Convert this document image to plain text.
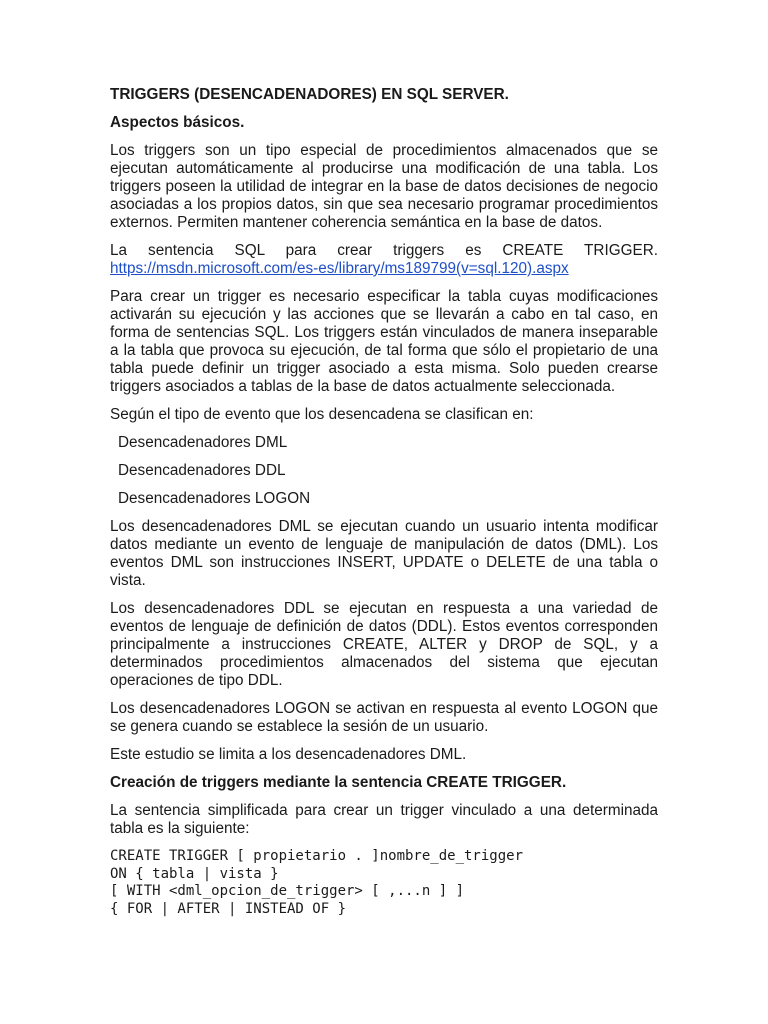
TRIGGERS (DESENCADENADORES) EN SQL SERVER.
Aspectos básicos.

Los triggers son un tipo especial de procedimientos almacenados que se ejecutan automáticamente al producirse una modificación de una tabla. Los triggers poseen la utilidad de integrar en la base de datos decisiones de negocio asociadas a los propios datos, sin que sea necesario programar procedimientos externos. Permiten mantener coherencia semántica en la base de datos.

La sentencia SQL para crear triggers es CREATE TRIGGER.
https://msdn.microsoft.com/es-es/library/ms189799(v=sql.120).aspx

Para crear un trigger es necesario especificar la tabla cuyas modificaciones activarán su ejecución y las acciones que se llevarán a cabo en tal caso, en forma de sentencias SQL. Los triggers están vinculados de manera inseparable a la tabla que provoca su ejecución, de tal forma que sólo el propietario de una tabla puede definir un trigger asociado a esta misma. Solo pueden crearse triggers asociados a tablas de la base de datos actualmente seleccionada.

Según el tipo de evento que los desencadena se clasifican en:

Desencadenadores DML
Desencadenadores DDL
Desencadenadores LOGON

Los desencadenadores DML se ejecutan cuando un usuario intenta modificar datos mediante un evento de lenguaje de manipulación de datos (DML). Los eventos DML son instrucciones INSERT, UPDATE o DELETE de una tabla o vista.

Los desencadenadores DDL se ejecutan en respuesta a una variedad de eventos de lenguaje de definición de datos (DDL). Estos eventos corresponden principalmente a instrucciones CREATE, ALTER y DROP de SQL, y a determinados procedimientos almacenados del sistema que ejecutan operaciones de tipo DDL.

Los desencadenadores LOGON se activan en respuesta al evento LOGON que se genera cuando se establece la sesión de un usuario.

Este estudio se limita a los desencadenadores DML.

Creación de triggers mediante la sentencia CREATE TRIGGER.

La sentencia simplificada para crear un trigger vinculado a una determinada tabla es la siguiente:

CREATE TRIGGER [ propietario . ]nombre_de_trigger
ON { tabla | vista }
[ WITH <dml_opcion_de_trigger> [ ,...n ] ]
{ FOR | AFTER | INSTEAD OF }
